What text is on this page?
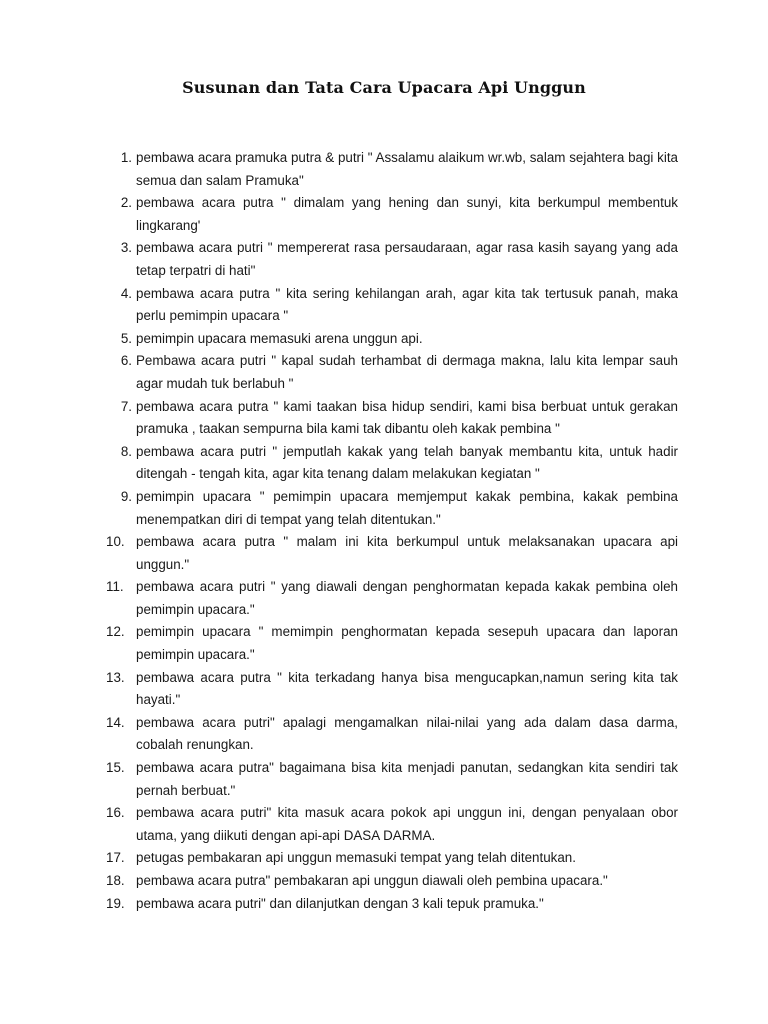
Susunan dan Tata Cara Upacara Api Unggun
1. pembawa acara pramuka putra & putri " Assalamu alaikum wr.wb, salam sejahtera bagi kita semua dan salam Pramuka"
2. pembawa acara putra " dimalam yang hening dan sunyi, kita berkumpul membentuk lingkarang'
3. pembawa acara putri " mempererat rasa persaudaraan, agar rasa kasih sayang yang ada tetap terpatri di hati"
4. pembawa acara putra " kita sering kehilangan arah, agar kita tak tertusuk panah, maka perlu pemimpin upacara "
5. pemimpin upacara memasuki arena unggun api.
6. Pembawa acara putri " kapal sudah terhambat di dermaga makna, lalu kita lempar sauh agar mudah tuk berlabuh "
7. pembawa acara putra " kami taakan bisa hidup sendiri, kami bisa berbuat untuk gerakan pramuka , taakan sempurna bila kami tak dibantu oleh kakak pembina "
8. pembawa acara putri " jemputlah kakak yang telah banyak membantu kita, untuk hadir ditengah - tengah kita, agar kita tenang dalam melakukan kegiatan "
9. pemimpin upacara " pemimpin upacara memjemput kakak pembina, kakak pembina menempatkan diri di tempat yang telah ditentukan."
10. pembawa acara putra " malam ini kita berkumpul untuk melaksanakan upacara api unggun."
11. pembawa acara putri " yang diawali dengan penghormatan kepada kakak pembina oleh pemimpin upacara."
12. pemimpin upacara " memimpin penghormatan kepada sesepuh upacara dan laporan pemimpin upacara."
13. pembawa acara putra " kita terkadang hanya bisa mengucapkan,namun sering kita tak hayati."
14. pembawa acara putri" apalagi mengamalkan nilai-nilai yang ada dalam dasa darma, cobalah renungkan.
15. pembawa acara putra" bagaimana bisa kita menjadi panutan, sedangkan kita sendiri tak pernah berbuat."
16. pembawa acara putri" kita masuk acara pokok api unggun ini, dengan penyalaan obor utama, yang diikuti dengan api-api DASA DARMA.
17. petugas pembakaran api unggun memasuki tempat yang telah ditentukan.
18. pembawa acara putra" pembakaran api unggun diawali oleh pembina upacara."
19. pembawa acara putri" dan dilanjutkan dengan 3 kali tepuk pramuka."
